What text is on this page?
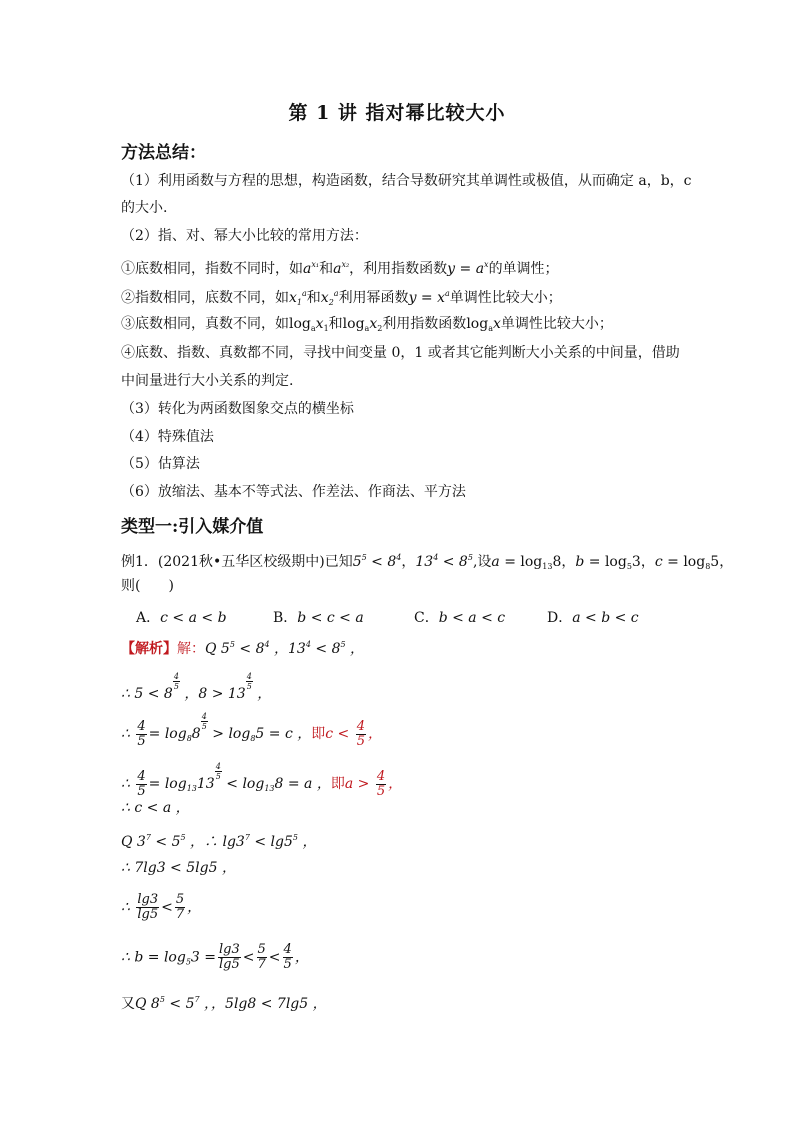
第 1 讲 指对幂比较大小
方法总结：
（1）利用函数与方程的思想，构造函数，结合导数研究其单调性或极值，从而确定 a，b，c
的大小.
（2）指、对、幂大小比较的常用方法：
①底数相同，指数不同时，如$a^{x_1}$和$a^{x_2}$，利用指数函数$y = a^x$的单调性；
②指数相同，底数不同，如$x_1^a$和$x_2^a$利用幂函数$y = x^a$单调性比较大小；
③底数相同，真数不同，如$\log_ax_1$和$\log_ax_2$利用指数函数$\log_ax$单调性比较大小；
④底数、指数、真数都不同，寻找中间变量 0，1 或者其它能判断大小关系的中间量，借助
中间量进行大小关系的判定.
（3）转化为两函数图象交点的横坐标
（4）特殊值法
（5）估算法
（6）放缩法、基本不等式法、作差法、作商法、平方法
类型一:引入媒介值
例1．(2021秋•五华区校级期中)已知$5^5 < 8^4$，$13^4 < 8^5$,设$a = \log_{13}8$，$b = \log_53$，$c = \log_85$，
则(　　)
A．c < a < b	B．b < c < a	C．b < a < c	D．a < b < c
【解析】解：Q $5^5 < 8^4$ ，$13^4 < 8^5$ ，
∴ 5 < 8
$\frac{4}{5}$
，8 > 13
$\frac{4}{5}$
，
∴ $\frac{4}{5} = \log_88$
$\frac{4}{5}$
> $\log_85 = c$ ，即$c < \frac{4}{5}$ ，
∴ $\frac{4}{5} = \log_{13}13$
$\frac{4}{5}$
< $\log_{13}8 = a$ ，即$a > \frac{4}{5}$ ，
∴ c < a ，
Q $3^7 < 5^5$ ，∴ $\lg 3^7 < \lg 5^5$ ，
∴ 7lg3 < 5lg5 ，
∴ $\frac{\lg 3}{\lg 5} < \frac{5}{7}$ ，
∴ $b = \log_53 = \frac{\lg 3}{\lg 5} < \frac{5}{7} < \frac{4}{5}$ ，
又Q $8^5 < 5^7$ ，，5lg8 < 7lg5 ，
